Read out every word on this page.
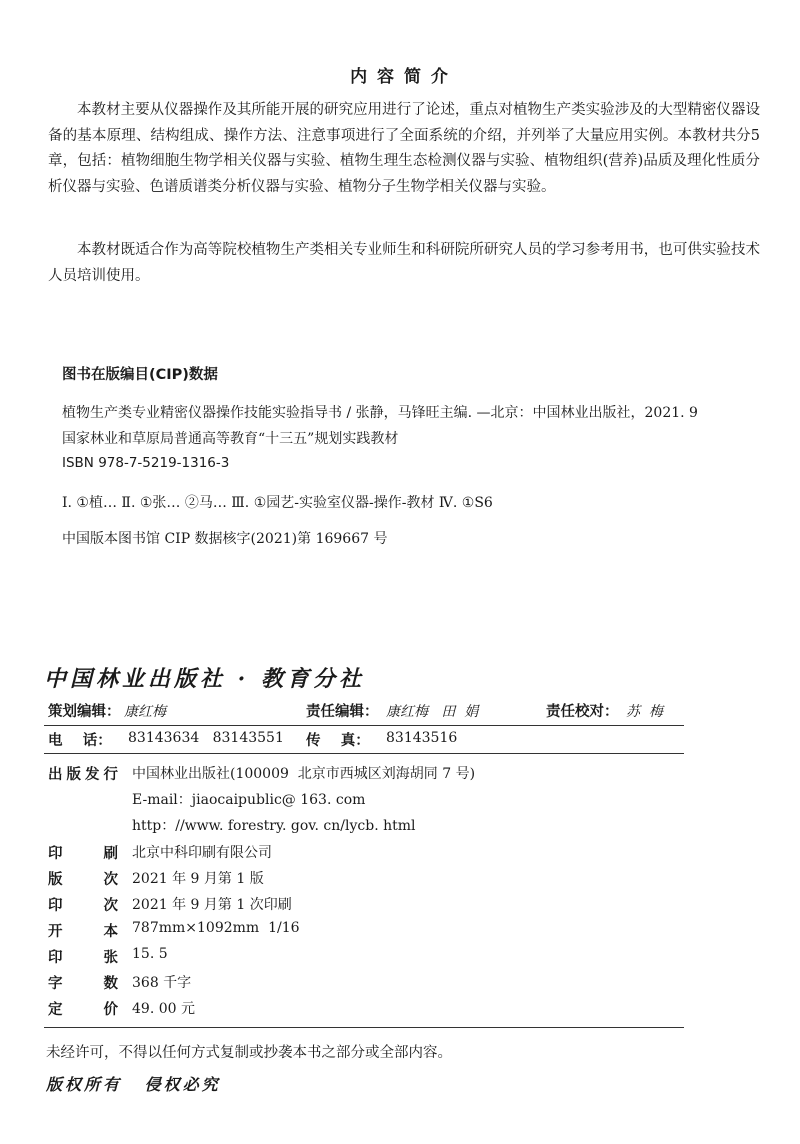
内 容 简 介

本教材主要从仪器操作及其所能开展的研究应用进行了论述，重点对植物生产类实验涉及的大型精密仪器设备的基本原理、结构组成、操作方法、注意事项进行了全面系统的介绍，并列举了大量应用实例。本教材共分5章，包括：植物细胞生物学相关仪器与实验、植物生理生态检测仪器与实验、植物组织(营养)品质及理化性质分析仪器与实验、色谱质谱类分析仪器与实验、植物分子生物学相关仪器与实验。

本教材既适合作为高等院校植物生产类相关专业师生和科研院所研究人员的学习参考用书，也可供实验技术人员培训使用。

图书在版编目(CIP)数据
植物生产类专业精密仪器操作技能实验指导书 / 张静，马锋旺主编. —北京：中国林业出版社，2021. 9
国家林业和草原局普通高等教育“十三五”规划实践教材
ISBN 978-7-5219-1316-3
Ⅰ. ①植… Ⅱ. ①张… ②马… Ⅲ. ①园艺-实验室仪器-操作-教材 Ⅳ. ①S6
中国版本图书馆 CIP 数据核字(2021)第 169667 号
中国林业出版社 · 教育分社
策划编辑： 康红梅	责任编辑： 康红梅   田  娟	责任校对： 苏  梅
电    话： 83143634   83143551 传    真： 83143516
出 版 发 行 中国林业出版社(100009  北京市西城区刘海胡同 7 号)
E-mail：jiaocaipublic@ 163. com
http：//www. forestry. gov. cn/lycb. html
印	刷 北京中科印刷有限公司
版	次 2021 年 9 月第 1 版
印	次 2021 年 9 月第 1 次印刷
开	本 787mm×1092mm  1/16
印	张 15. 5
字	数 368 千字
定	价 49. 00 元
未经许可，不得以任何方式复制或抄袭本书之部分或全部内容。
版权所有 侵权必究
